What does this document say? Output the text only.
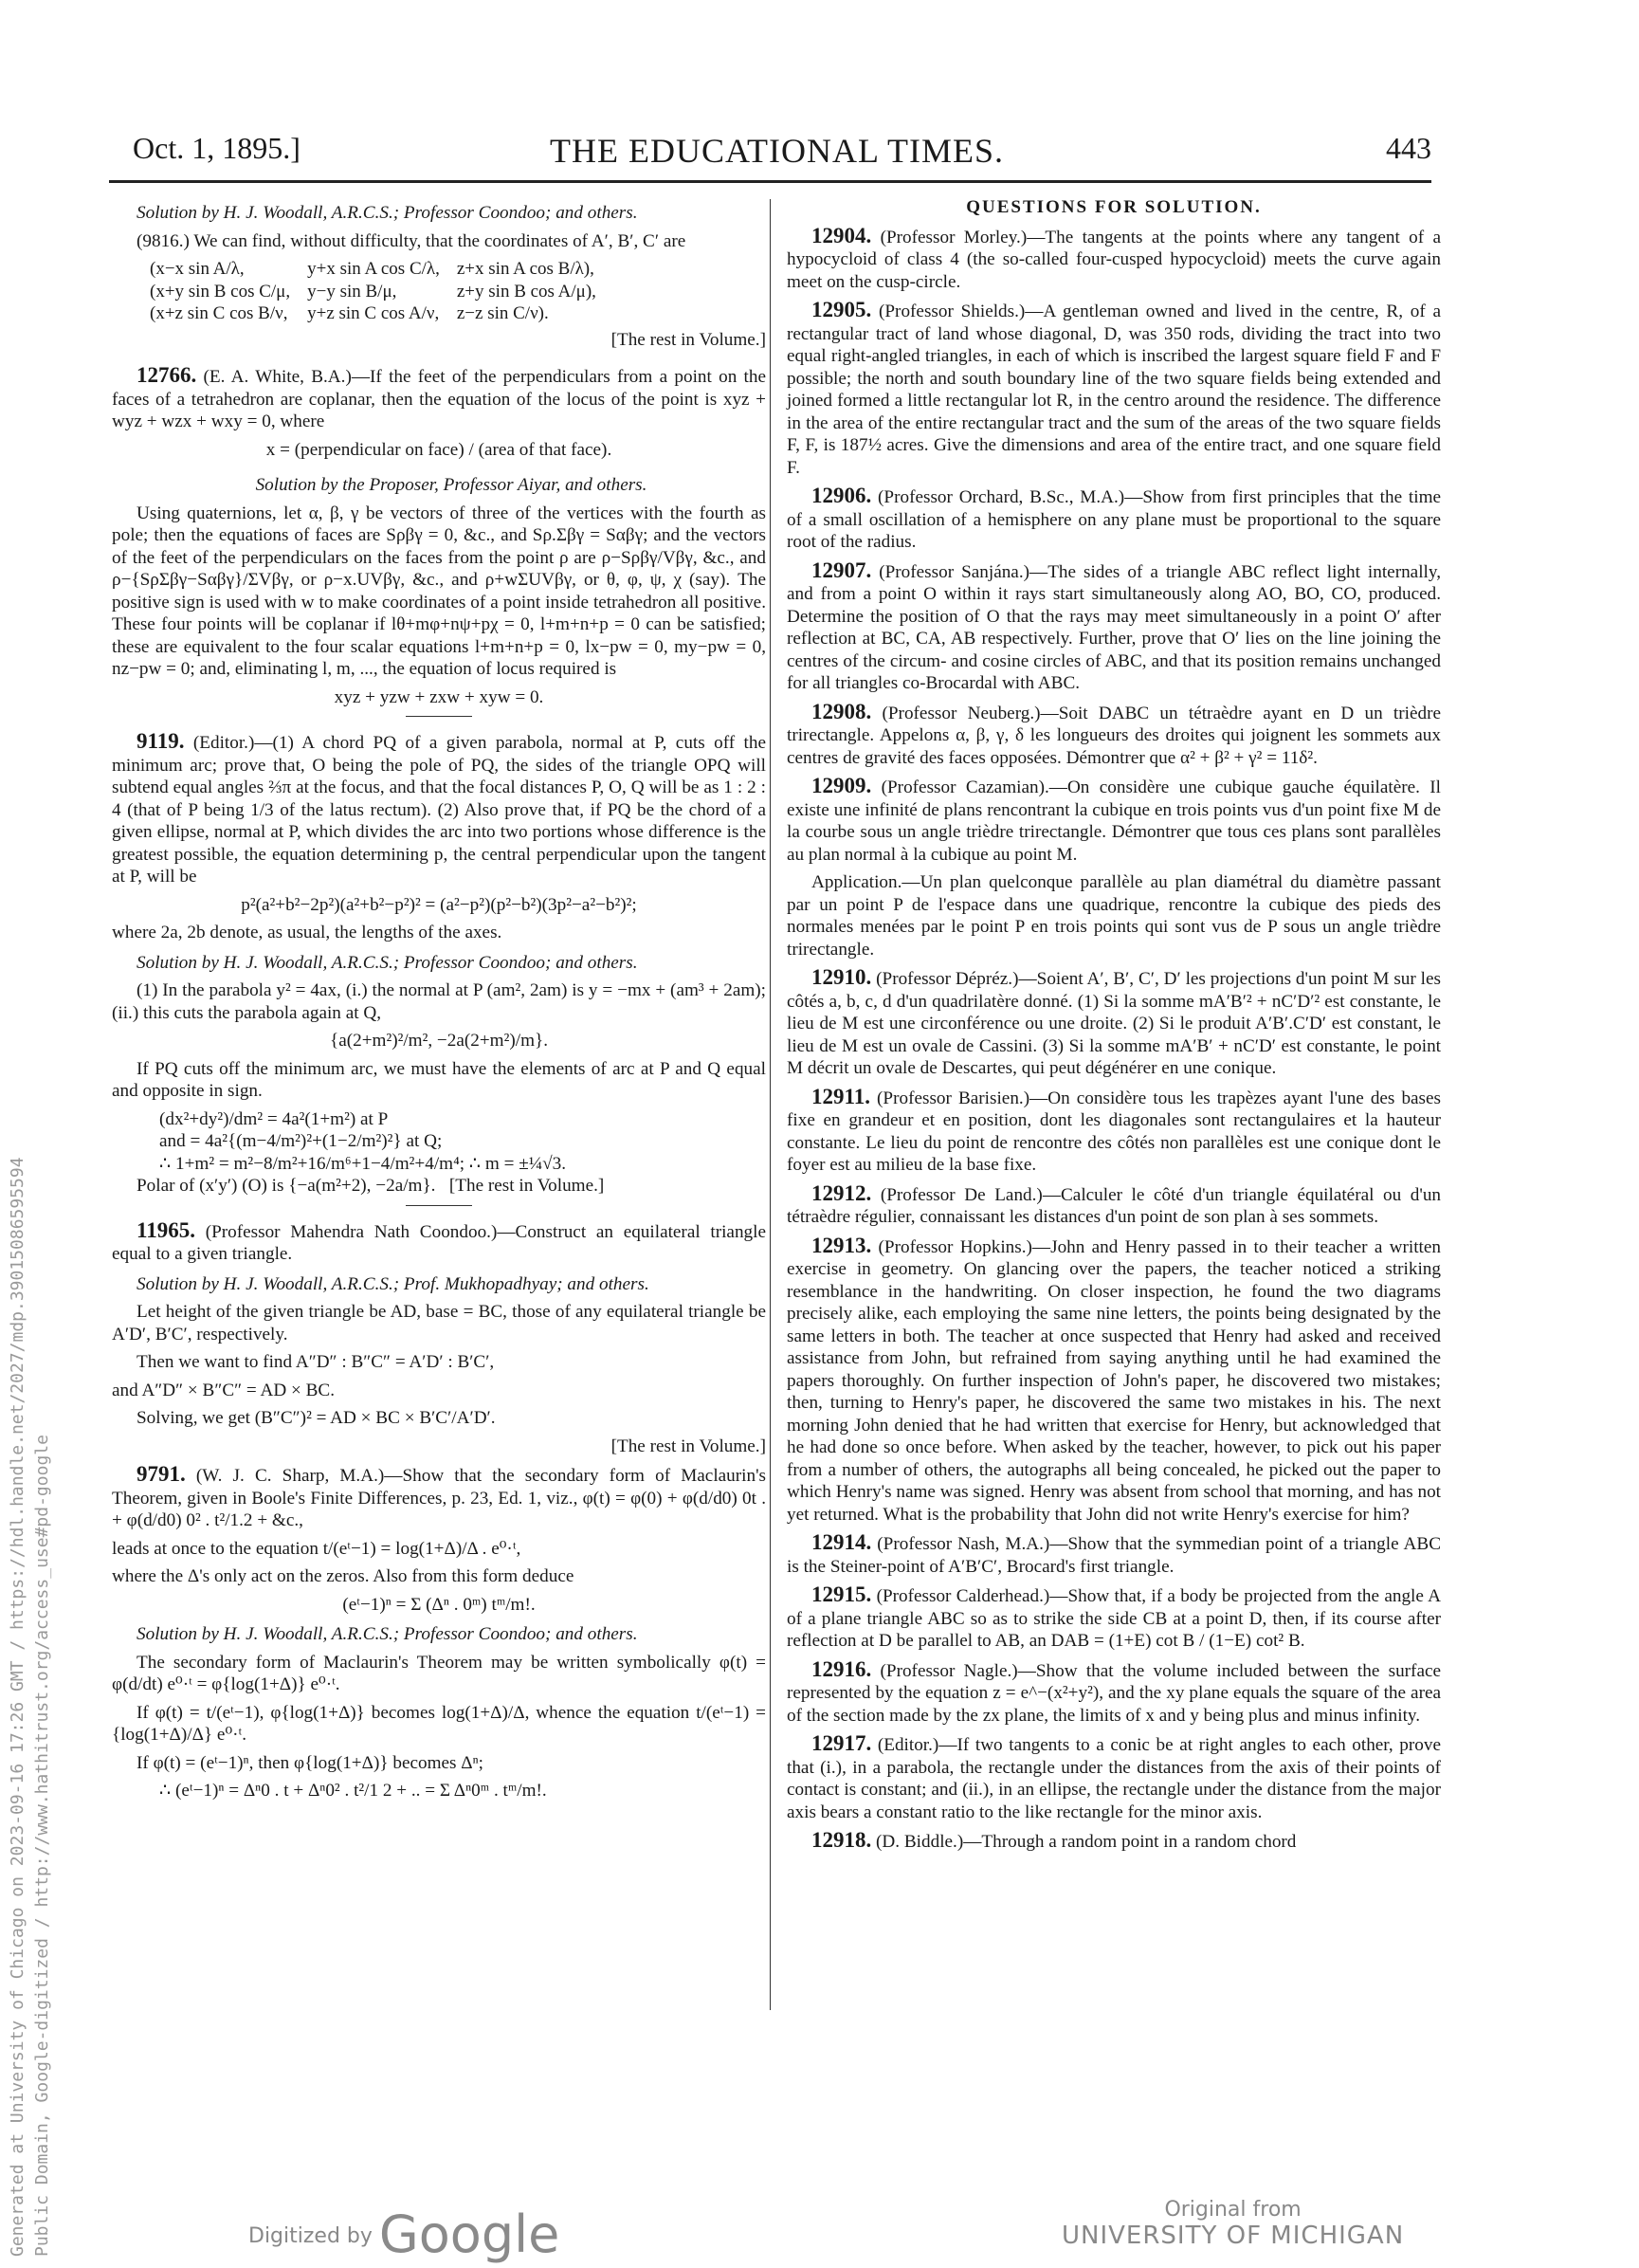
Oct. 1, 1895.]	THE EDUCATIONAL TIMES.	443

Solution by H. J. Woodall, A.R.C.S.; Professor Coondoo; and others.

(9816.) We can find, without difficulty, that the coordinates of A′, B′, C′ are

(x−x sin A/λ,	y+x sin A cos C/λ,	z+x sin A cos B/λ),
(x+y sin B cos C/μ,	y−y sin B/μ,	z+y sin B cos A/μ),
(x+z sin C cos B/ν,	y+z sin C cos A/ν,	z−z sin C/ν).

[The rest in Volume.]

12766. (E. A. White, B.A.)—If the feet of the perpendiculars from a point on the faces of a tetrahedron are coplanar, then the equation of the locus of the point is xyz + wyz + wzx + wxy = 0, where

x = (perpendicular on face) / (area of that face).

Solution by the Proposer, Professor Aiyar, and others.

Using quaternions, let α, β, γ be vectors of three of the vertices with the fourth as pole; then the equations of faces are Sρβγ = 0, &c., and Sρ.Σβγ = Sαβγ; and the vectors of the feet of the perpendiculars on the faces from the point ρ are ρ−Sρβγ/Vβγ, &c., and ρ−{SρΣβγ−Sαβγ}/ΣVβγ, or ρ−x.UVβγ, &c., and ρ+wΣUVβγ, or θ, φ, ψ, χ (say). The positive sign is used with w to make coordinates of a point inside tetrahedron all positive. These four points will be coplanar if lθ+mφ+nψ+pχ = 0, l+m+n+p = 0 can be satisfied; these are equivalent to the four scalar equations l+m+n+p = 0, lx−pw = 0, my−pw = 0, nz−pw = 0; and, eliminating l, m, ..., the equation of locus required is

xyz + yzw + zxw + xyw = 0.

9119. (Editor.)—(1) A chord PQ of a given parabola, normal at P, cuts off the minimum arc; prove that, O being the pole of PQ, the sides of the triangle OPQ will subtend equal angles ⅔π at the focus, and that the focal distances P, O, Q will be as 1 : 2 : 4 (that of P being 1/3 of the latus rectum). (2) Also prove that, if PQ be the chord of a given ellipse, normal at P, which divides the arc into two portions whose difference is the greatest possible, the equation determining p, the central perpendicular upon the tangent at P, will be

p²(a²+b²−2p²)(a²+b²−p²)² = (a²−p²)(p²−b²)(3p²−a²−b²)²;

where 2a, 2b denote, as usual, the lengths of the axes.

Solution by H. J. Woodall, A.R.C.S.; Professor Coondoo; and others.

(1) In the parabola y² = 4ax, (i.) the normal at P (am², 2am) is y = −mx + (am³ + 2am); (ii.) this cuts the parabola again at Q,

{a(2+m²)²/m², −2a(2+m²)/m}.

If PQ cuts off the minimum arc, we must have the elements of arc at P and Q equal and opposite in sign.

(dx²+dy²)/dm² = 4a²(1+m²) at P

and = 4a²{(m−4/m²)²+(1−2/m²)²} at Q;

∴ 1+m² = m²−8/m²+16/m⁶+1−4/m²+4/m⁴; ∴ m = ±¼√3.

Polar of (x′y′) (O) is {−a(m²+2), −2a/m}. [The rest in Volume.]

11965. (Professor Mahendra Nath Coondoo.)—Construct an equilateral triangle equal to a given triangle.

Solution by H. J. Woodall, A.R.C.S.; Prof. Mukhopadhyay; and others.

Let height of the given triangle be AD, base = BC, those of any equilateral triangle be A′D′, B′C′, respectively.

Then we want to find A″D″ : B″C″ = A′D′ : B′C′,

and A″D″ × B″C″ = AD × BC.

Solving, we get (B″C″)² = AD × BC × B′C′/A′D′.

[The rest in Volume.]

9791. (W. J. C. Sharp, M.A.)—Show that the secondary form of Maclaurin's Theorem, given in Boole's Finite Differences, p. 23, Ed. 1, viz., φ(t) = φ(0) + φ(d/d0) 0t . + φ(d/d0) 0² . t²/1.2 + &c.,

leads at once to the equation t/(eᵗ−1) = log(1+Δ)/Δ . e⁰·ᵗ,

where the Δ's only act on the zeros. Also from this form deduce

(eᵗ−1)ⁿ = Σ (Δⁿ . 0ᵐ) tᵐ/m!.

Solution by H. J. Woodall, A.R.C.S.; Professor Coondoo; and others.

The secondary form of Maclaurin's Theorem may be written symbolically φ(t) = φ(d/dt) e⁰·ᵗ = φ{log(1+Δ)} e⁰·ᵗ.

If φ(t) = t/(eᵗ−1), φ{log(1+Δ)} becomes log(1+Δ)/Δ, whence the equation t/(eᵗ−1) = {log(1+Δ)/Δ} e⁰·ᵗ.

If φ(t) = (eᵗ−1)ⁿ, then φ{log(1+Δ)} becomes Δⁿ;

∴ (eᵗ−1)ⁿ = Δⁿ0 . t + Δⁿ0² . t²/1 2 + .. = Σ Δⁿ0ᵐ . tᵐ/m!.

QUESTIONS FOR SOLUTION.

12904. (Professor Morley.)—The tangents at the points where any tangent of a hypocycloid of class 4 (the so-called four-cusped hypocycloid) meets the curve again meet on the cusp-circle.

12905. (Professor Shields.)—A gentleman owned and lived in the centre, R, of a rectangular tract of land whose diagonal, D, was 350 rods, dividing the tract into two equal right-angled triangles, in each of which is inscribed the largest square field F and F possible; the north and south boundary line of the two square fields being extended and joined formed a little rectangular lot R, in the centro around the residence. The difference in the area of the entire rectangular tract and the sum of the areas of the two square fields F, F, is 187½ acres. Give the dimensions and area of the entire tract, and one square field F.

12906. (Professor Orchard, B.Sc., M.A.)—Show from first principles that the time of a small oscillation of a hemisphere on any plane must be proportional to the square root of the radius.

12907. (Professor Sanjána.)—The sides of a triangle ABC reflect light internally, and from a point O within it rays start simultaneously along AO, BO, CO, produced. Determine the position of O that the rays may meet simultaneously in a point O′ after reflection at BC, CA, AB respectively. Further, prove that O′ lies on the line joining the centres of the circum- and cosine circles of ABC, and that its position remains unchanged for all triangles co-Brocardal with ABC.

12908. (Professor Neuberg.)—Soit DABC un tétraèdre ayant en D un trièdre trirectangle. Appelons α, β, γ, δ les longueurs des droites qui joignent les sommets aux centres de gravité des faces opposées. Démontrer que α² + β² + γ² = 11δ².

12909. (Professor Cazamian).—On considère une cubique gauche équilatère. Il existe une infinité de plans rencontrant la cubique en trois points vus d'un point fixe M de la courbe sous un angle trièdre trirectangle. Démontrer que tous ces plans sont parallèles au plan normal à la cubique au point M.

Application.—Un plan quelconque parallèle au plan diamétral du diamètre passant par un point P de l'espace dans une quadrique, rencontre la cubique des pieds des normales menées par le point P en trois points qui sont vus de P sous un angle trièdre trirectangle.

12910. (Professor Dépréz.)—Soient A′, B′, C′, D′ les projections d'un point M sur les côtés a, b, c, d d'un quadrilatère donné. (1) Si la somme mA′B′² + nC′D′² est constante, le lieu de M est une circonférence ou une droite. (2) Si le produit A′B′.C′D′ est constant, le lieu de M est un ovale de Cassini. (3) Si la somme mA′B′ + nC′D′ est constante, le point M décrit un ovale de Descartes, qui peut dégénérer en une conique.

12911. (Professor Barisien.)—On considère tous les trapèzes ayant l'une des bases fixe en grandeur et en position, dont les diagonales sont rectangulaires et la hauteur constante. Le lieu du point de rencontre des côtés non parallèles est une conique dont le foyer est au milieu de la base fixe.

12912. (Professor De Land.)—Calculer le côté d'un triangle équilatéral ou d'un tétraèdre régulier, connaissant les distances d'un point de son plan à ses sommets.

12913. (Professor Hopkins.)—John and Henry passed in to their teacher a written exercise in geometry. On glancing over the papers, the teacher noticed a striking resemblance in the handwriting. On closer inspection, he found the two diagrams precisely alike, each employing the same nine letters, the points being designated by the same letters in both. The teacher at once suspected that Henry had asked and received assistance from John, but refrained from saying anything until he had examined the papers thoroughly. On further inspection of John's paper, he discovered two mistakes; then, turning to Henry's paper, he discovered the same two mistakes in his. The next morning John denied that he had written that exercise for Henry, but acknowledged that he had done so once before. When asked by the teacher, however, to pick out his paper from a number of others, the autographs all being concealed, he picked out the paper to which Henry's name was signed. Henry was absent from school that morning, and has not yet returned. What is the probability that John did not write Henry's exercise for him?

12914. (Professor Nash, M.A.)—Show that the symmedian point of a triangle ABC is the Steiner-point of A′B′C′, Brocard's first triangle.

12915. (Professor Calderhead.)—Show that, if a body be projected from the angle A of a plane triangle ABC so as to strike the side CB at a point D, then, if its course after reflection at D be parallel to AB, an DAB = (1+E) cot B / (1−E) cot² B.

12916. (Professor Nagle.)—Show that the volume included between the surface represented by the equation z = e^−(x²+y²), and the xy plane equals the square of the area of the section made by the zx plane, the limits of x and y being plus and minus infinity.

12917. (Editor.)—If two tangents to a conic be at right angles to each other, prove that (i.), in a parabola, the rectangle under the distances from the axis of their points of contact is constant; and (ii.), in an ellipse, the rectangle under the distance from the major axis bears a constant ratio to the like rectangle for the minor axis.

12918. (D. Biddle.)—Through a random point in a random chord

Digitized by Google	Original from
UNIVERSITY OF MICHIGAN
Generated at University of Chicago on 2023-09-16 17:26 GMT / https://hdl.handle.net/2027/mdp.39015086595594 Public Domain, Google-digitized / http://www.hathitrust.org/access_use#pd-google
